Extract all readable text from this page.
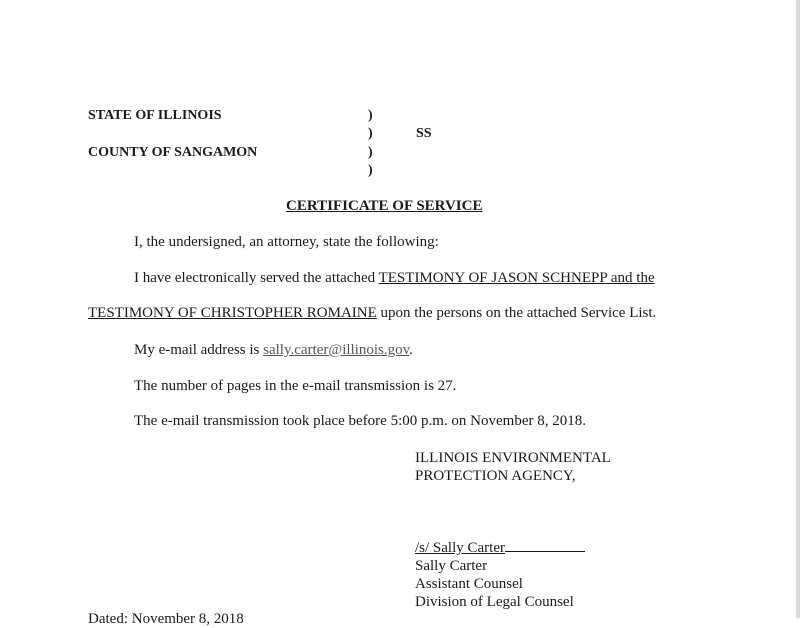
STATE OF ILLINOIS
COUNTY OF SANGAMON
)
)
)
)
SS
CERTIFICATE OF SERVICE
I, the undersigned, an attorney, state the following:
I have electronically served the attached TESTIMONY OF JASON SCHNEPP and the
TESTIMONY OF CHRISTOPHER ROMAINE upon the persons on the attached Service List.
My e-mail address is sally.carter@illinois.gov.
The number of pages in the e-mail transmission is 27.
The e-mail transmission took place before 5:00 p.m. on November 8, 2018.
ILLINOIS ENVIRONMENTAL
PROTECTION AGENCY,
/s/ Sally Carter
Sally Carter
Assistant Counsel
Division of Legal Counsel
Dated: November 8, 2018
